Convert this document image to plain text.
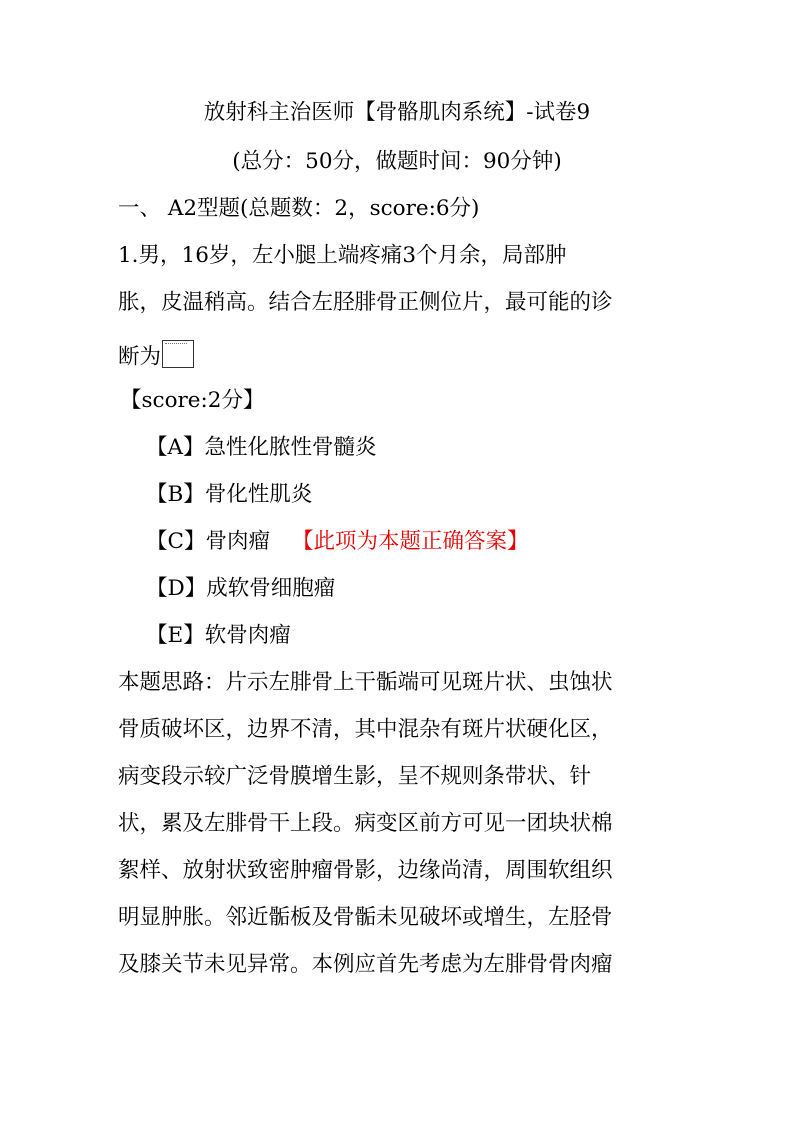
放射科主治医师【骨骼肌肉系统】-试卷9
(总分：50分，做题时间：90分钟)
一、 A2型题(总题数：2，score:6分)
1.男，16岁，左小腿上端疼痛3个月余，局部肿
胀，皮温稍高。结合左胫腓骨正侧位片，最可能的诊
断为
【score:2分】
【A】急性化脓性骨髓炎
【B】骨化性肌炎
【C】骨肉瘤 【此项为本题正确答案】
【D】成软骨细胞瘤
【E】软骨肉瘤
本题思路：片示左腓骨上干骺端可见斑片状、虫蚀状
骨质破坏区，边界不清，其中混杂有斑片状硬化区，
病变段示较广泛骨膜增生影，呈不规则条带状、针
状，累及左腓骨干上段。病变区前方可见一团块状棉
絮样、放射状致密肿瘤骨影，边缘尚清，周围软组织
明显肿胀。邻近骺板及骨骺未见破坏或增生，左胫骨
及膝关节未见异常。本例应首先考虑为左腓骨骨肉瘤
